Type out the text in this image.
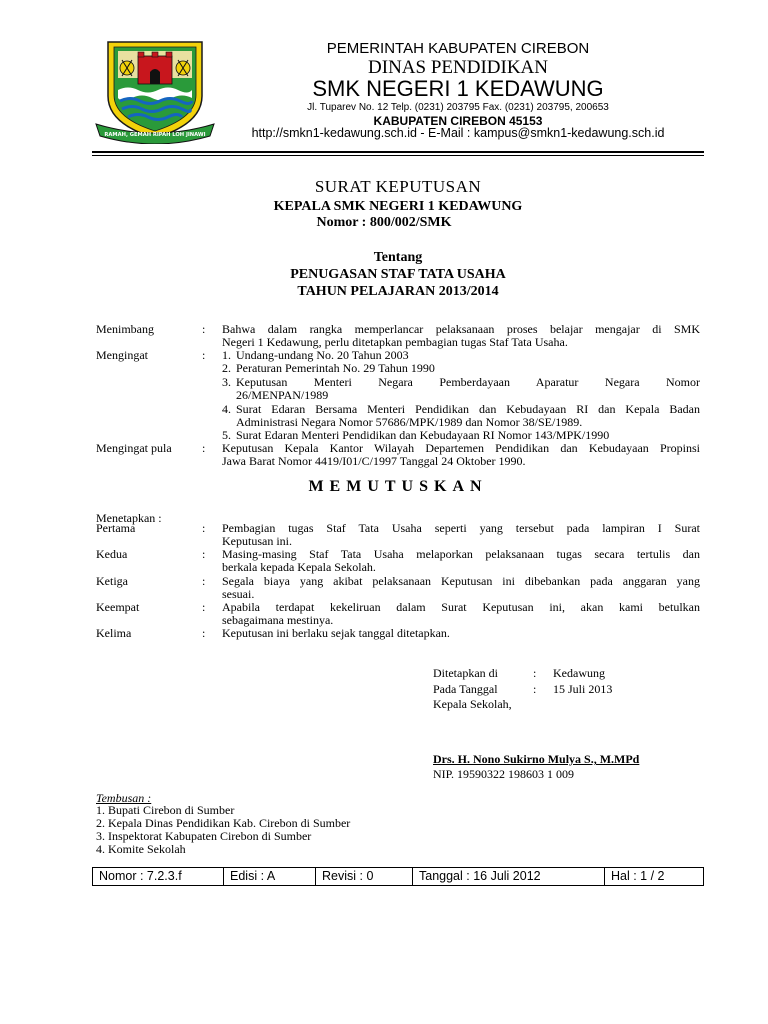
RAMAH, GEMAH RIPAH LOH JINAWI
PEMERINTAH KABUPATEN CIREBON
DINAS PENDIDIKAN
SMK NEGERI 1 KEDAWUNG
Jl. Tuparev No. 12 Telp. (0231) 203795 Fax. (0231) 203795, 200653
KABUPATEN CIREBON 45153
http://smkn1-kedawung.sch.id - E-Mail : kampus@smkn1-kedawung.sch.id
SURAT KEPUTUSAN
KEPALA SMK NEGERI 1 KEDAWUNG
Nomor : 800/002/SMK
Tentang
PENUGASAN STAF TATA USAHA
TAHUN PELAJARAN 2013/2014
Menimbang	: Bahwa dalam rangka memperlancar pelaksanaan proses belajar mengajar di SMK
Negeri 1 Kedawung, perlu ditetapkan pembagian tugas Staf Tata Usaha.
Mengingat	: 1. Undang-undang No. 20 Tahun 2003
2. Peraturan Pemerintah No. 29 Tahun 1990
3. Keputusan Menteri Negara Pemberdayaan Aparatur Negara Nomor
26/MENPAN/1989
4. Surat Edaran Bersama Menteri Pendidikan dan Kebudayaan RI dan Kepala Badan
Administrasi Negara Nomor 57686/MPK/1989 dan Nomor 38/SE/1989.
5. Surat Edaran Menteri Pendidikan dan Kebudayaan RI Nomor 143/MPK/1990
Mengingat pula	: Keputusan Kepala Kantor Wilayah Departemen Pendidikan dan Kebudayaan Propinsi
Jawa Barat Nomor 4419/I01/C/1997 Tanggal 24 Oktober 1990.
MEMUTUSKAN
Menetapkan :
Pertama	: Pembagian tugas Staf Tata Usaha seperti yang tersebut pada lampiran I Surat
Keputusan ini.
Kedua	: Masing-masing Staf Tata Usaha melaporkan pelaksanaan tugas secara tertulis dan
berkala kepada Kepala Sekolah.
Ketiga	: Segala biaya yang akibat pelaksanaan Keputusan ini dibebankan pada anggaran yang
sesuai.
Keempat	: Apabila terdapat kekeliruan dalam Surat Keputusan ini, akan kami betulkan
sebagaimana mestinya.
Kelima	: Keputusan ini berlaku sejak tanggal ditetapkan.
Ditetapkan di	: Kedawung
Pada Tanggal	: 15 Juli 2013
Kepala Sekolah,
Drs. H. Nono Sukirno Mulya S., M.MPd
NIP. 19590322 198603 1 009
Tembusan :
1. Bupati Cirebon di Sumber
2. Kepala Dinas Pendidikan Kab. Cirebon di Sumber
3. Inspektorat Kabupaten Cirebon di Sumber
4. Komite Sekolah
Nomor : 7.2.3.f	Edisi : A	Revisi : 0	Tanggal : 16 Juli 2012	Hal : 1 / 2
